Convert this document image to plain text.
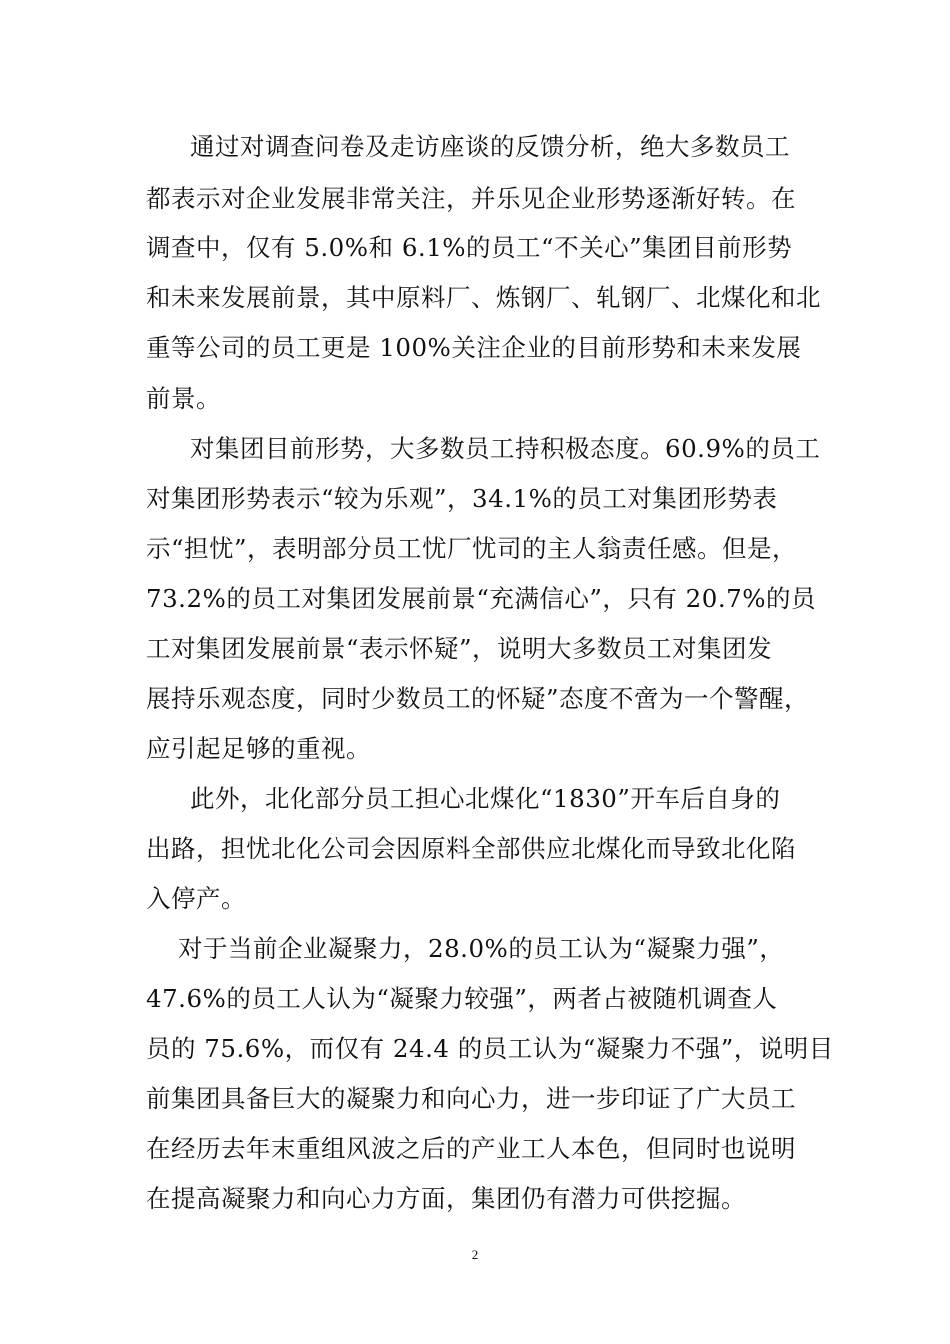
通过对调查问卷及走访座谈的反馈分析，绝大多数员工
都表示对企业发展非常关注，并乐见企业形势逐渐好转。在
调查中，仅有 5.0%和 6.1%的员工“不关心”集团目前形势
和未来发展前景，其中原料厂、炼钢厂、轧钢厂、北煤化和北
重等公司的员工更是 100%关注企业的目前形势和未来发展
前景。
对集团目前形势，大多数员工持积极态度。60.9%的员工
对集团形势表示“较为乐观”，34.1%的员工对集团形势表
示“担忧”，表明部分员工忧厂忧司的主人翁责任感。但是，
73.2%的员工对集团发展前景“充满信心”，只有 20.7%的员
工对集团发展前景“表示怀疑”，说明大多数员工对集团发
展持乐观态度，同时少数员工的怀疑”态度不啻为一个警醒，
应引起足够的重视。
此外，北化部分员工担心北煤化“1830”开车后自身的
出路，担忧北化公司会因原料全部供应北煤化而导致北化陷
入停产。
对于当前企业凝聚力，28.0%的员工认为“凝聚力强”，
47.6%的员工人认为“凝聚力较强”，两者占被随机调查人
员的 75.6%，而仅有 24.4 的员工认为“凝聚力不强”，说明目
前集团具备巨大的凝聚力和向心力，进一步印证了广大员工
在经历去年末重组风波之后的产业工人本色，但同时也说明
在提高凝聚力和向心力方面，集团仍有潜力可供挖掘。
2
